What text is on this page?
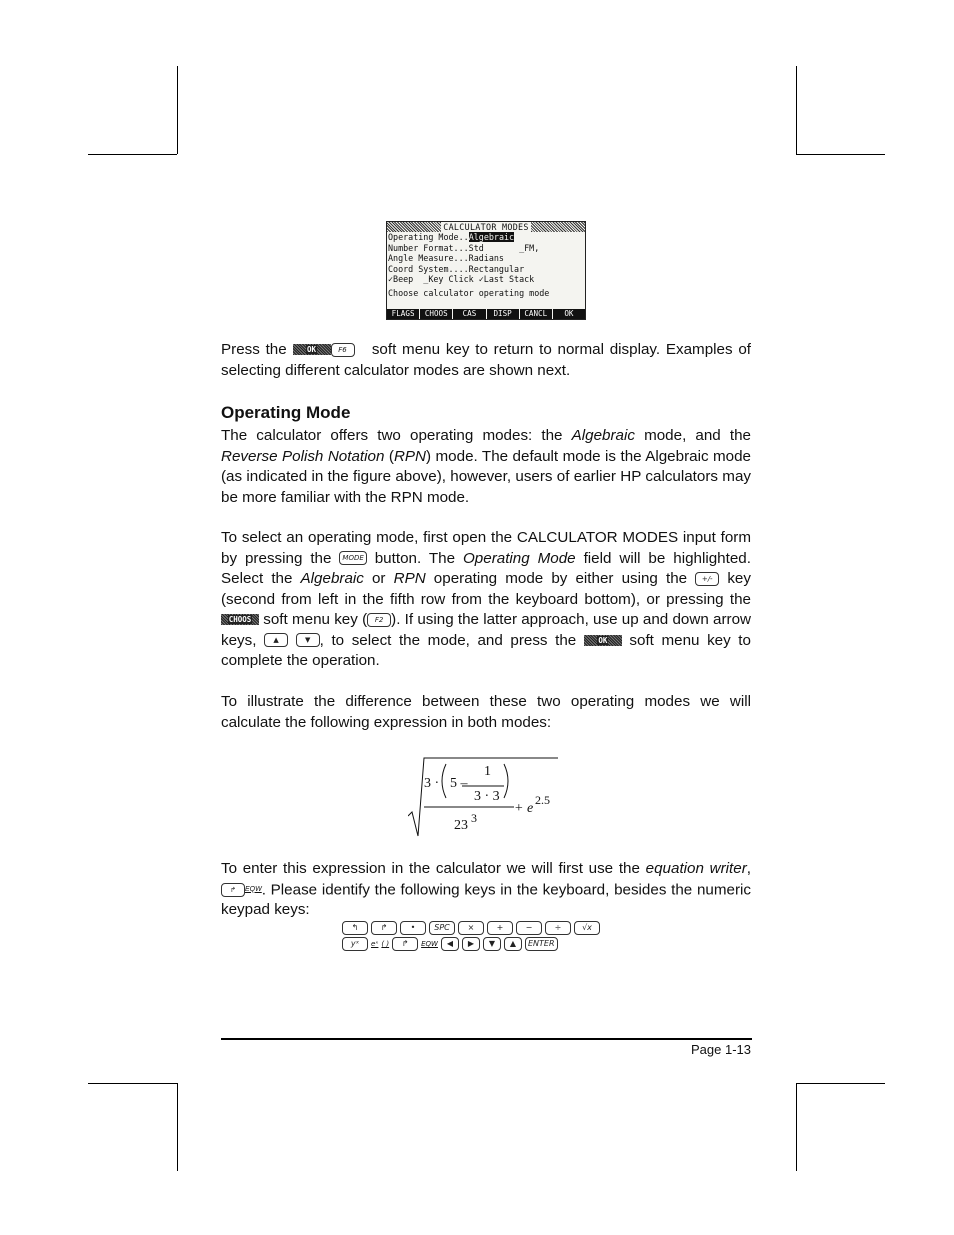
CALCULATOR MODES
Operating Mode..Algebraic
Number Format...Std       _FM,
Angle Measure...Radians
Coord System....Rectangular
✓Beep  _Key Click ✓Last Stack
Choose calculator operating mode
FLAGS	CHOOS	CAS	DISP	CANCL	OK

Press the	OK	F6 soft menu key to return to normal display. Examples of selecting different calculator modes are shown next.

Operating Mode

The calculator offers two operating modes: the Algebraic mode, and the Reverse Polish Notation (RPN) mode. The default mode is the Algebraic mode (as indicated in the figure above), however, users of earlier HP calculators may be more familiar with the RPN mode.

To select an operating mode, first open the CALCULATOR MODES input form by pressing the MODE button. The Operating Mode field will be highlighted. Select the Algebraic or RPN operating mode by either using the +/- key (second from left in the fifth row from the keyboard bottom), or pressing the CHOOS soft menu key ( F2 ). If using the latter approach, use up and down arrow keys, ▲	▼ , to select the mode, and press the	OK soft menu key to complete the operation.

To illustrate the difference between these two operating modes we will calculate the following expression in both modes:

3 · 5 –
1
3 · 3
23 3
+ e
2.5

To enter this expression in the calculator we will first use the equation writer, ↱ EQW. Please identify the following keys in the keyboard, besides the numeric keypad keys:

↰	↱	•	SPC	×	+	−	÷	√x
yˣ	eˣ ( )	↱	EQW	◀	▶	▼	▲	ENTER
Page 1-13
